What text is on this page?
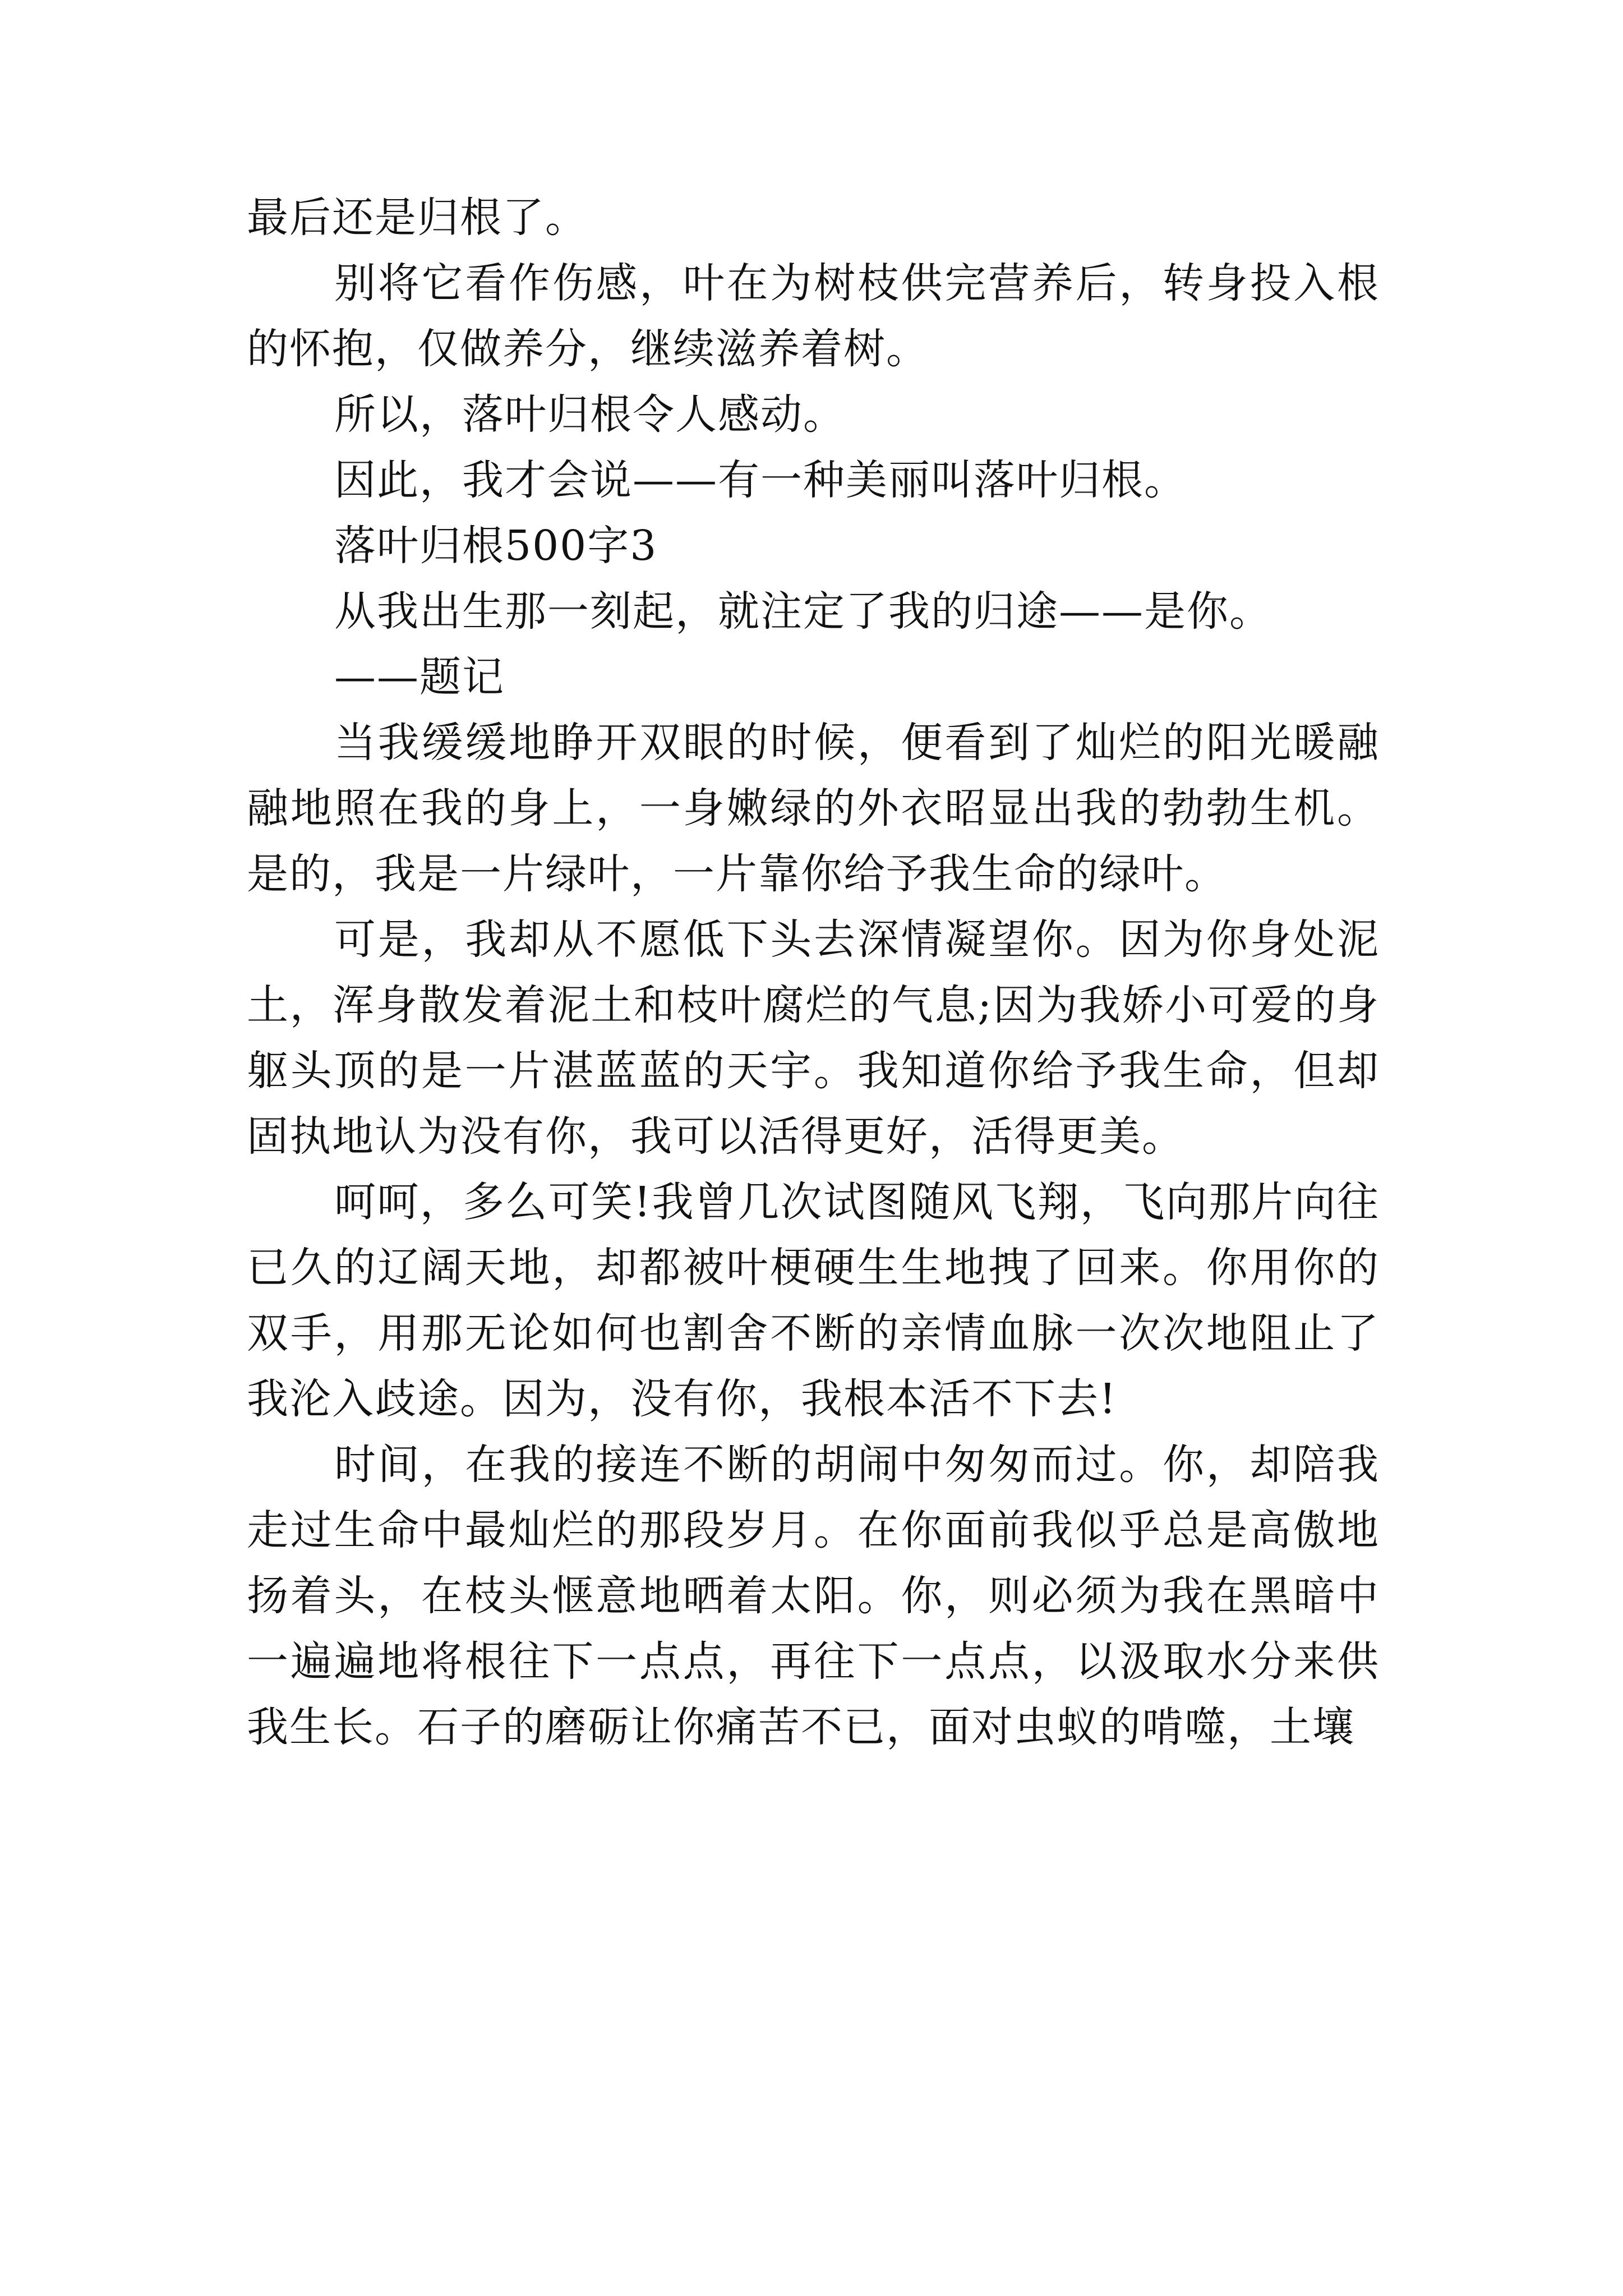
最后还是归根了。

别将它看作伤感，叶在为树枝供完营养后，转身投入根的怀抱，仅做养分，继续滋养着树。

所以，落叶归根令人感动。

因此，我才会说——有一种美丽叫落叶归根。

落叶归根500字3

从我出生那一刻起，就注定了我的归途——是你。

——题记

当我缓缓地睁开双眼的时候，便看到了灿烂的阳光暖融融地照在我的身上，一身嫩绿的外衣昭显出我的勃勃生机。是的，我是一片绿叶，一片靠你给予我生命的绿叶。

可是，我却从不愿低下头去深情凝望你。因为你身处泥土，浑身散发着泥土和枝叶腐烂的气息;因为我娇小可爱的身躯头顶的是一片湛蓝蓝的天宇。我知道你给予我生命，但却固执地认为没有你，我可以活得更好，活得更美。

呵呵，多么可笑!我曾几次试图随风飞翔，飞向那片向往已久的辽阔天地，却都被叶梗硬生生地拽了回来。你用你的双手，用那无论如何也割舍不断的亲情血脉一次次地阻止了我沦入歧途。因为，没有你，我根本活不下去!

时间，在我的接连不断的胡闹中匆匆而过。你，却陪我走过生命中最灿烂的那段岁月。在你面前我似乎总是高傲地扬着头，在枝头惬意地晒着太阳。你，则必须为我在黑暗中一遍遍地将根往下一点点，再往下一点点，以汲取水分来供我生长。石子的磨砺让你痛苦不已，面对虫蚁的啃噬，土壤
